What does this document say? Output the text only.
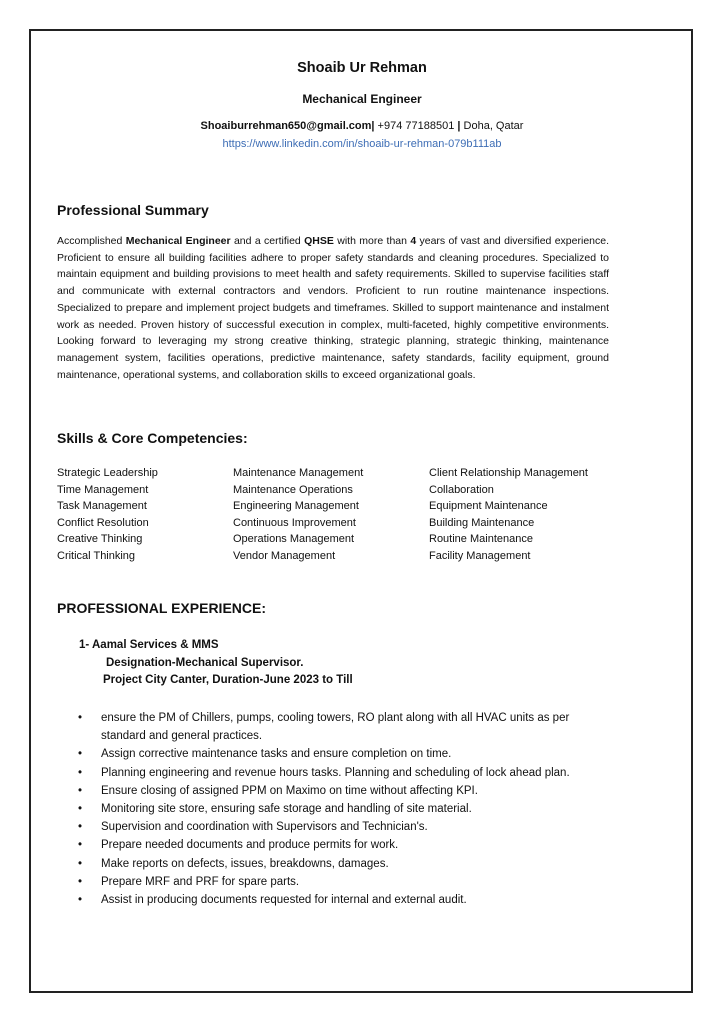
Shoaib Ur Rehman
Mechanical Engineer
Shoaiburrehman650@gmail.com| +974 77188501 | Doha, Qatar
https://www.linkedin.com/in/shoaib-ur-rehman-079b111ab
Professional Summary
Accomplished Mechanical Engineer and a certified QHSE with more than 4 years of vast and diversified experience. Proficient to ensure all building facilities adhere to proper safety standards and cleaning procedures. Specialized to maintain equipment and building provisions to meet health and safety requirements. Skilled to supervise facilities staff and communicate with external contractors and vendors. Proficient to run routine maintenance inspections. Specialized to prepare and implement project budgets and timeframes. Skilled to support maintenance and instalment work as needed. Proven history of successful execution in complex, multi-faceted, highly competitive environments. Looking forward to leveraging my strong creative thinking, strategic planning, strategic thinking, maintenance management system, facilities operations, predictive maintenance, safety standards, facility equipment, ground maintenance, operational systems, and collaboration skills to exceed organizational goals.
Skills & Core Competencies:
Strategic Leadership
Time Management
Task Management
Conflict Resolution
Creative Thinking
Critical Thinking
Maintenance Management
Maintenance Operations
Engineering Management
Continuous Improvement
Operations Management
Vendor Management
Client Relationship Management
Collaboration
Equipment Maintenance
Building Maintenance
Routine Maintenance
Facility Management
PROFESSIONAL EXPERIENCE:
1- Aamal Services & MMS
Designation-Mechanical Supervisor.
Project City Canter, Duration-June 2023 to Till
• ensure the PM of Chillers, pumps, cooling towers, RO plant along with all HVAC units as per standard and general practices.
• Assign corrective maintenance tasks and ensure completion on time.
• Planning engineering and revenue hours tasks. Planning and scheduling of lock ahead plan.
• Ensure closing of assigned PPM on Maximo on time without affecting KPI.
• Monitoring site store, ensuring safe storage and handling of site material.
• Supervision and coordination with Supervisors and Technician's.
• Prepare needed documents and produce permits for work.
• Make reports on defects, issues, breakdowns, damages.
• Prepare MRF and PRF for spare parts.
• Assist in producing documents requested for internal and external audit.
